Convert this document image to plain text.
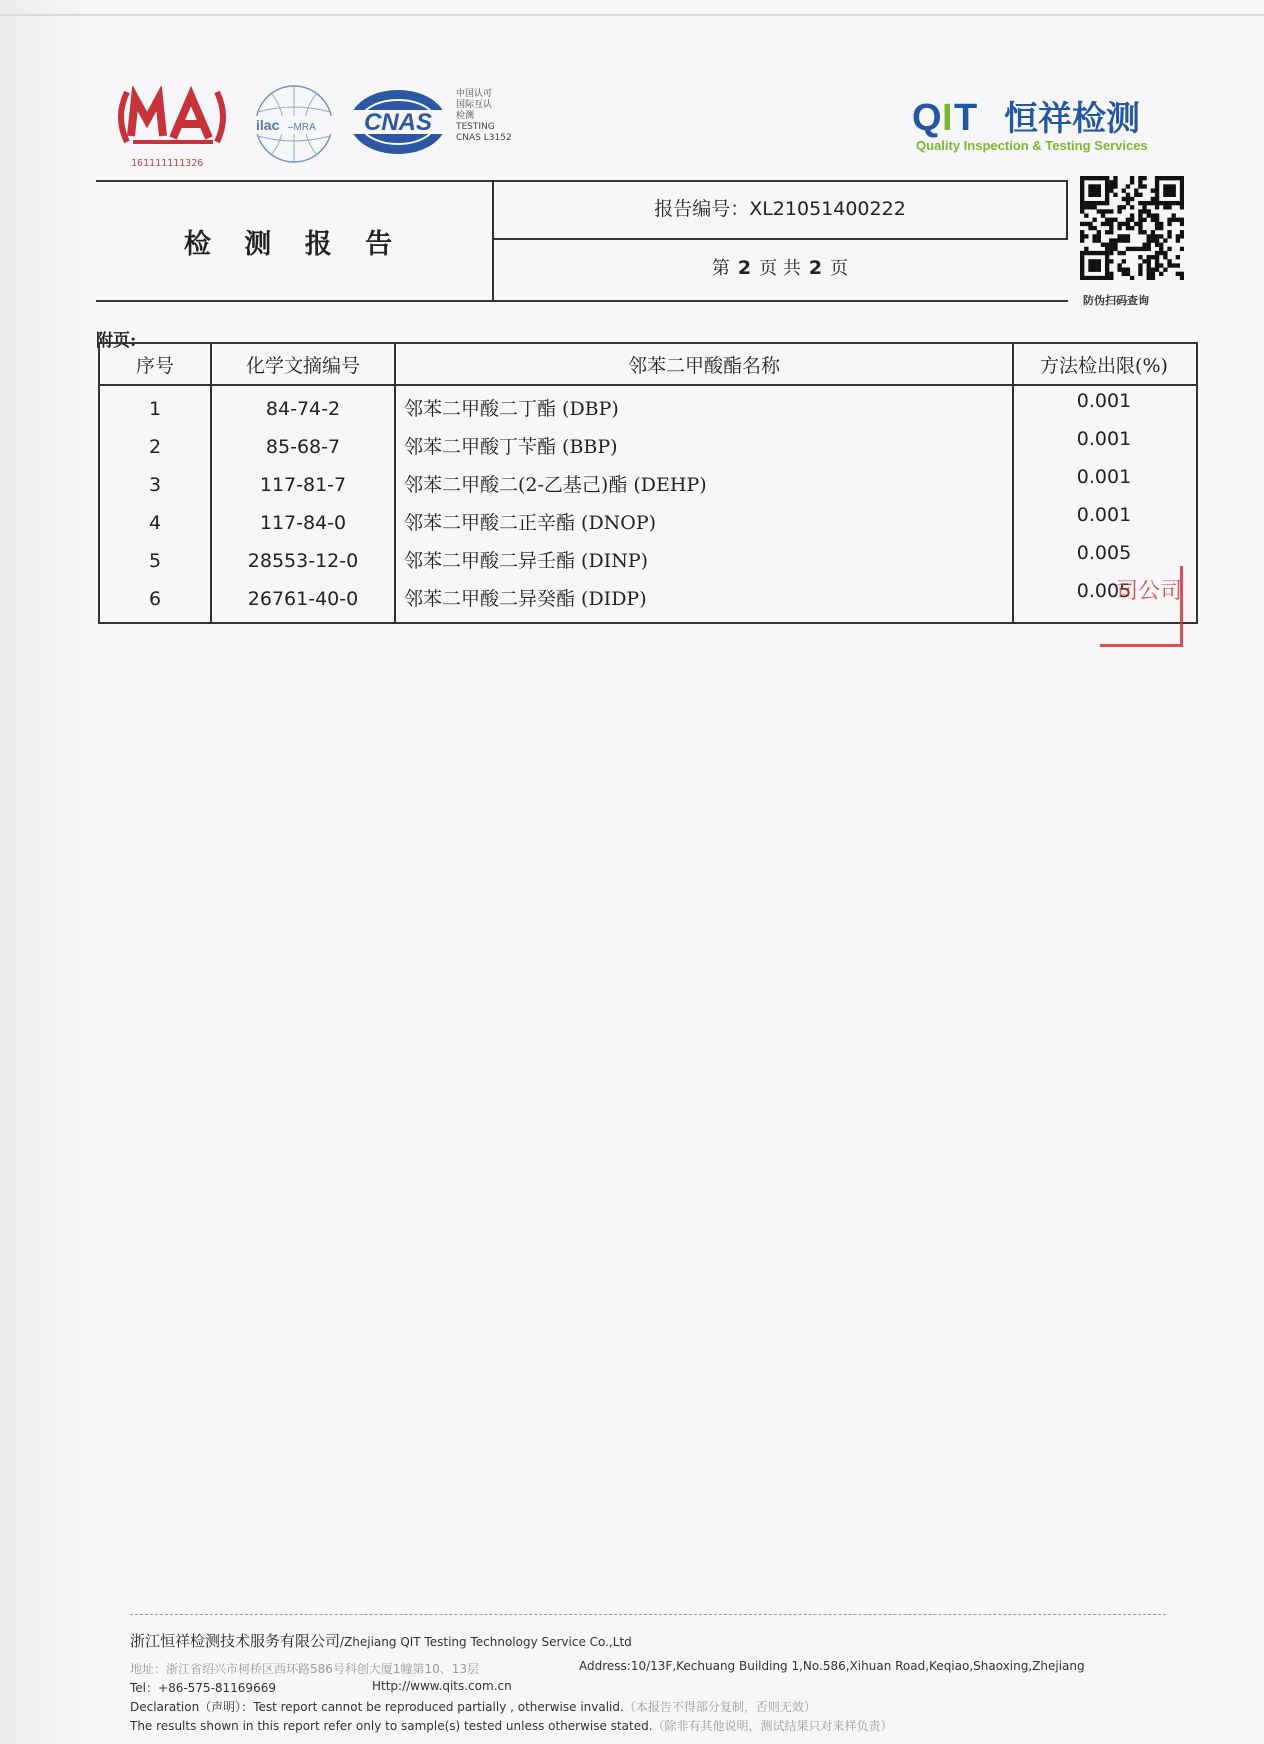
161111111326
ilac ‒MRA CNAS
中国认可
国际互认
检测
TESTING
CNAS L3152	Q I T 恒祥检测
Quality Inspection & Testing Services
检 测 报 告
报告编号：XL21051400222
第 2 页 共 2 页
防伪扫码查询
附页:
序号	化学文摘编号	邻苯二甲酸酯名称	方法检出限(%)
1	84-74-2	邻苯二甲酸二丁酯 (DBP)	0.001
2	85-68-7	邻苯二甲酸丁苄酯 (BBP)	0.001
3	117-81-7	邻苯二甲酸二(2-乙基己)酯 (DEHP)	0.001
4	117-84-0	邻苯二甲酸二正辛酯 (DNOP)	0.001
5	28553-12-0	邻苯二甲酸二异壬酯 (DINP)	0.005
6	26761-40-0	邻苯二甲酸二异癸酯 (DIDP)	0.005
司公司
浙江恒祥检测技术服务有限公司/Zhejiang QIT Testing Technology Service Co.,Ltd
地址：浙江省绍兴市柯桥区西环路586号科创大厦1幢第10、13层	Address:10/13F,Kechuang Building 1,No.586,Xihuan Road,Keqiao,Shaoxing,Zhejiang
Tel：+86-575-81169669	Http://www.qits.com.cn
Declaration（声明）：Test report cannot be reproduced partially , otherwise invalid.（本报告不得部分复制，否则无效）
The results shown in this report refer only to sample(s) tested unless otherwise stated.（除非有其他说明，测试结果只对来样负责）
